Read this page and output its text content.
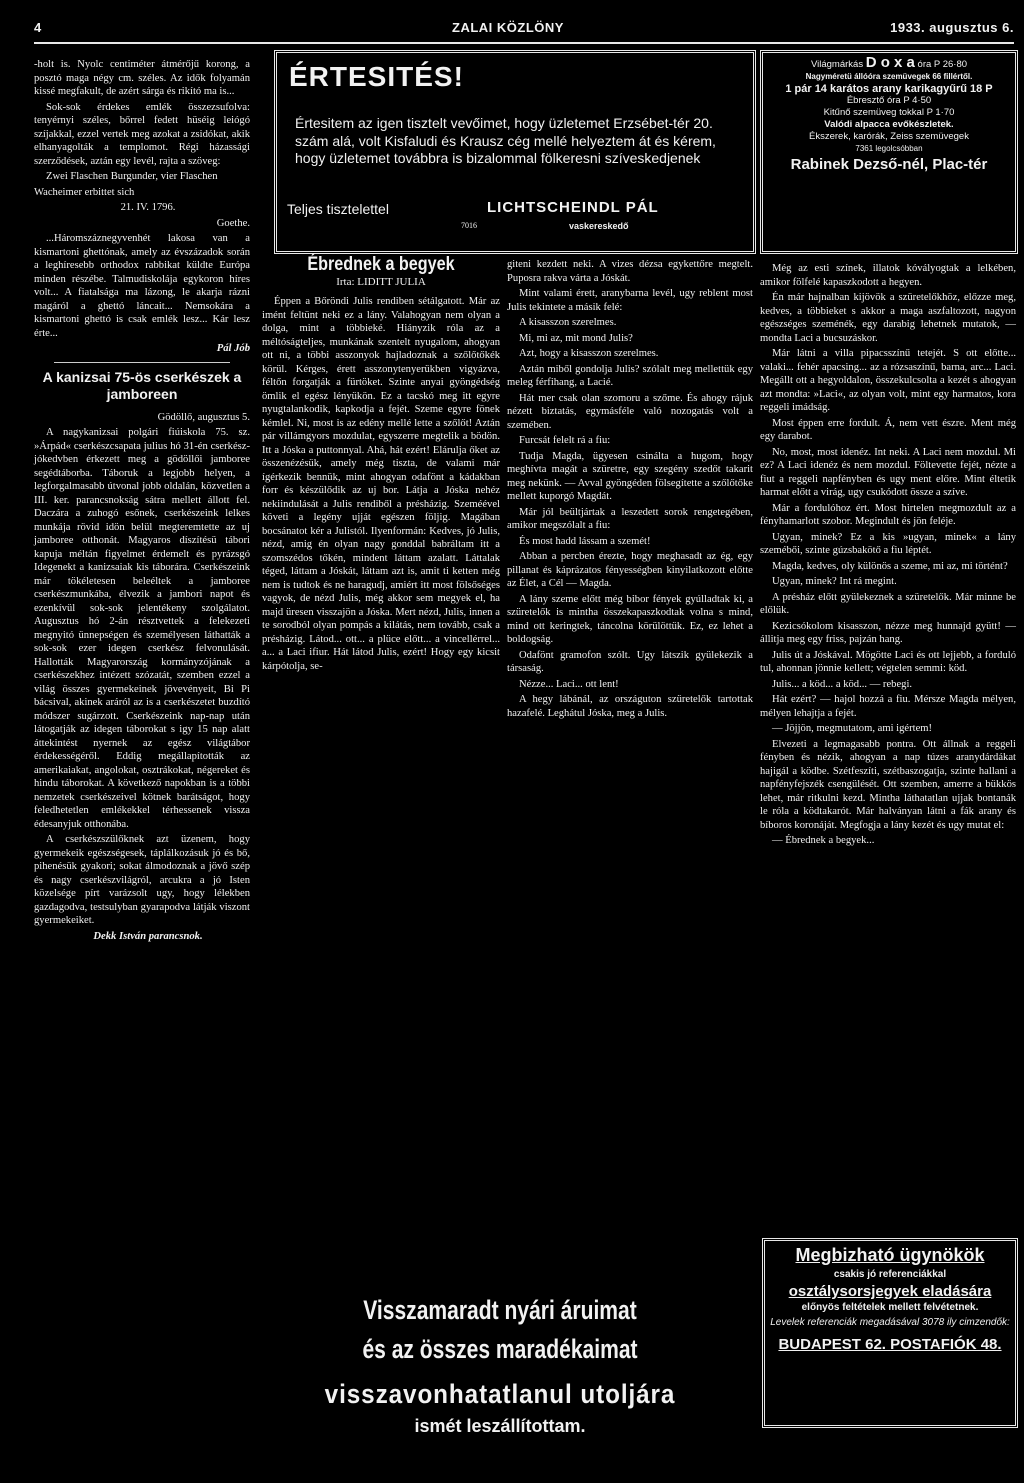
4	ZALAI KÖZLÖNY	1933. augusztus 6.

-holt is. Nyolc centiméter átmérőjű korong, a posztó maga négy cm. széles. Az idők folyamán kissé megfakult, de azért sárga és rikító ma is...

Sok-sok érdekes emlék összezsufolva: tenyérnyi széles, bőrrel fedett hüséig leiógó szíjakkal, ezzel vertek meg azokat a zsidókat, akik elhanyagolták a templomot. Régi házassági szerződések, aztán egy levél, rajta a szöveg:

Zwei Flaschen Burgunder, vier Flaschen

Wacheimer erbittet sich

21. IV. 1796.

Goethe.

...Háromszáznegyvenhét lakosa van a kismartoni ghettónak, amely az évszázadok során a leghíresebb orthodox rabbikat küldte Európa minden részébe. Talmudiskolája egykoron híres volt... A fiatalsága ma lázong, le akarja rázni magáról a ghettó láncait... Nemsokára a kismartoni ghettó is csak emlék lesz... Kár lesz érte...

Pál Jób

A kanizsai 75-ös cserkészek a jamboreen

Gödöllő, augusztus 5.

A nagykanizsai polgári fiúiskola 75. sz. »Árpád« cserkészcsapata julius hó 31-én cserkész-jókedvben érkezett meg a gödöllői jamboree segédtáborba. Táboruk a legjobb helyen, a legforgalmasabb útvonal jobb oldalán, közvetlen a III. ker. parancsnokság sátra mellett állott fel. Daczára a zuhogó esőnek, cserkészeink lelkes munkája rövid idön belül megteremtette az uj jamboree otthonát. Magyaros díszítésü tábori kapuja méltán figyelmet érdemelt és pyrázsgó Idegenekt a kanizsaiak kis táborára. Cserkészeink már tökéletesen beleéltek a jamboree cserkészmunkába, élvezik a jambori napot és ezenkívül sok-sok jelentékeny szolgálatot. Augusztus hó 2-án résztvettek a felekezeti megnyitó ünnepségen és személyesen láthatták a sok-sok ezer idegen cserkész felvonulását. Hallották Magyarország kormányzójának a cserkészekhez intézett szózatát, szemben ezzel a világ összes gyermekeinek jövevényeit, Bi Pi bácsival, akinek aráról az is a cserkészetet buzdító módszer sugárzott. Cserkészeink nap-nap után látogatják az idegen táborokat s igy 15 nap alatt áttekintést nyernek az egész világtábor érdekességéről. Eddig megállapították az amerikaiakat, angolokat, osztrákokat, négereket és hindu táborokat. A következő napokban is a többi nemzetek cserkészeivel kötnek barátságot, hogy feledhetetlen emlékekkel térhessenek vissza édesanyjuk otthonába.

A cserkészszülőknek azt üzenem, hogy gyermekeik egészségesek, táplálkozásuk jó és bő, pihenésük gyakori; sokat álmodoznak a jövő szép és nagy cserkészvilágról, arcukra a jó Isten közelsége pírt varázsolt ugy, hogy lélekben gazdagodva, testsulyban gyarapodva látják viszont gyermekeiket.

Dekk István parancsnok.

ÉRTESITÉS!
Értesitem az igen tisztelt vevőimet, hogy üzletemet Erzsébet-tér 20. szám alá, volt Kisfaludi és Krausz cég mellé helyeztem át és kérem, hogy üzletemet továbbra is bizalommal fölkeresni szíveskedjenek
Teljes tisztelettel	LICHTSCHEINDL PÁL
7016	vaskereskedő
Világmárkás D o x a óra P 26·80
Nagyméretü állóóra szemüvegek 66 fillértől.
1 pár 14 karátos arany karikagyűrű 18 P
Ébresztő óra P 4·50
Kitűnő szemüveg tokkal P 1·70
Valódi alpacca evőkészletek.
Ékszerek, karórák, Zeiss szemüvegek
7361 legolcsóbban
Rabinek Dezső-nél, Plac-tér
Ébrednek a begyek
Irta: LIDITT JULIA

Éppen a Bőröndi Julis rendiben sétálgatott. Már az imént feltünt neki ez a lány. Valahogyan nem olyan a dolga, mint a többieké. Hiányzik róla az a méltóságteljes, munkának szentelt nyugalom, ahogyan ott ni, a többi asszonyok hajladoznak a szőlőtőkék körül. Kérges, érett asszonytenyerükben vigyázva, féltőn forgatják a fürtöket. Szinte anyai gyöngédség ömlik el egész lényükön. Ez a tacskó meg itt egyre nyugtalankodik, kapkodja a fejét. Szeme egyre fönek kémlel. Ni, most is az edény mellé lette a szőlőt! Aztán pár villámgyors mozdulat, egyszerre megtelik a bödön. Itt a Jóska a puttonnyal. Ahá, hát ezért! Elárulja őket az összenézésük, amely még tiszta, de valami már ígérkezik bennük, mint ahogyan odafönt a kádakban forr és készülődik az uj bor. Látja a Jóska nehéz nekiindulását a Julis rendiből a présházig. Szeméével követi a legény ujját egészen följig. Magában bocsánatot kér a Julistól. Ilyenformán: Kedves, jó Julis, nézd, amig én olyan nagy gonddal babráltam itt a szomszédos tőkén, mindent láttam azalatt. Láttalak téged, láttam a Jóskát, láttam azt is, amit ti ketten még nem is tudtok és ne haragudj, amiért itt most fölsőséges vagyok, de nézd Julis, még akkor sem megyek el, ha majd üresen visszajön a Jóska. Mert nézd, Julis, innen a te sorodból olyan pompás a kilátás, nem tovább, csak a présházig. Látod... ott... a plüce előtt... a vincellérrel... a... a Laci ifiur. Hát látod Julis, ezért! Hogy egy kicsit kárpótolja, se-

giteni kezdett neki. A vizes dézsa egykettőre megtelt. Puposra rakva várta a Jóskát.

Mint valami érett, aranybarna levél, ugy reblent most Julis tekintete a másik felé:

A kisasszon szerelmes.

Mi, mi az, mit mond Julis?

Azt, hogy a kisasszon szerelmes.

Aztán miből gondolja Julis? szólalt meg mellettük egy meleg férfihang, a Lacié.

Hát mer csak olan szomoru a szőme. És ahogy rájuk nézett biztatás, egymásféle való nozogatás volt a szemében.

Furcsát felelt rá a fiu:

Tudja Magda, ügyesen csinálta a hugom, hogy meghívta magát a szüretre, egy szegény szedőt takarit meg nekünk. — Avval gyöngéden fölsegítette a szőlőtőke mellett kuporgó Magdát.

Már jól beültjártak a leszedett sorok rengetegében, amikor megszólalt a fiu:

És most hadd lássam a szemét!

Abban a percben érezte, hogy meghasadt az ég, egy pillanat és káprázatos fényességben kinyilatkozott előtte az Élet, a Cél — Magda.

A lány szeme előtt még bibor fények gyúlladtak ki, a szüretelők is mintha összekapaszkodtak volna s mind, mind ott keringtek, táncolna körülöttük. Ez, ez lehet a boldogság.

Odafönt gramofon szólt. Ugy látszik gyülekezik a társaság.

Nézze... Laci... ott lent!

A hegy lábánál, az országuton szüretelők tartottak hazafelé. Leghátul Jóska, meg a Julis.

Még az esti színek, illatok kóvályogtak a lelkében, amikor fölfelé kapaszkodott a hegyen.

Én már hajnalban kijövök a szüretelőkhöz, előzze meg, kedves, a többieket s akkor a maga aszfaltozott, nagyon egészséges szeménék, egy darabig lehetnek mutatok, — mondta Laci a bucsuzáskor.

Már látni a villa pipacsszínű tetejét. S ott előtte... valaki... fehér apacsing... az a rózsaszínű, barna, arc... Laci. Megállt ott a hegyoldalon, összekulcsolta a kezét s ahogyan azt mondta: »Laci«, az olyan volt, mint egy harmatos, kora reggeli imádság.

Most éppen erre fordult. Á, nem vett észre. Ment még egy darabot.

No, most, most idenéz. Int neki. A Laci nem mozdul. Mi ez? A Laci idenéz és nem mozdul. Föltevette fejét, nézte a fiut a reggeli napfényben és ugy ment előre. Mint éltetik harmat előtt a virág, ugy csukódott össze a szíve.

Már a fordulóhoz ért. Most hirtelen megmozdult az a fényhamarlott szobor. Megindult és jön feléje.

Ugyan, minek? Ez a kis »ugyan, minek« a lány szemébői, szinte gúzsbakötő a fiu léptét.

Magda, kedves, oly különös a szeme, mi az, mi történt?

Ugyan, minek? Int rá megint.

A présház előtt gyülekeznek a szüretelők. Már minne be előlük.

Kezicsókolom kisasszon, nézze meg hunnajd gyütt! — állitja meg egy friss, pajzán hang.

Julis út a Jóskával. Mögötte Laci és ott lejjebb, a forduló tul, ahonnan jönnie kellett; végtelen semmi: köd.

Julis... a köd... a köd... — rebegi.

Hát ezért? — hajol hozzá a fiu. Mérsze Magda mélyen, mélyen lehajtja a fejét.

— Jöjjön, megmutatom, ami igértem!

Elvezeti a legmagasabb pontra. Ott állnak a reggeli fényben és nézik, ahogyan a nap túzes aranydárdákat hajigál a ködbe. Szétfeszíti, szétbaszogatja, szinte hallani a napfényfejszék csengülését. Ott szemben, amerre a bükkös lehet, már ritkulni kezd. Mintha láthatatlan ujjak bontanák le róla a ködtakarót. Már halványan látni a fák arany és bíboros koronáját. Megfogja a lány kezét és ugy mutat el:

— Ébrednek a begyek...

Visszamaradt nyári áruimat
és az összes maradékaimat
visszavonhatatlanul utoljára
ismét leszállítottam.
Megbizható ügynökök
csakis jó referenciákkal
osztálysorsjegyek eladására
előnyös feltételek mellett felvétetnek.
Levelek referenciák megadásával 3078 ily cimzendők:
BUDAPEST 62. POSTAFIÓK 48.
